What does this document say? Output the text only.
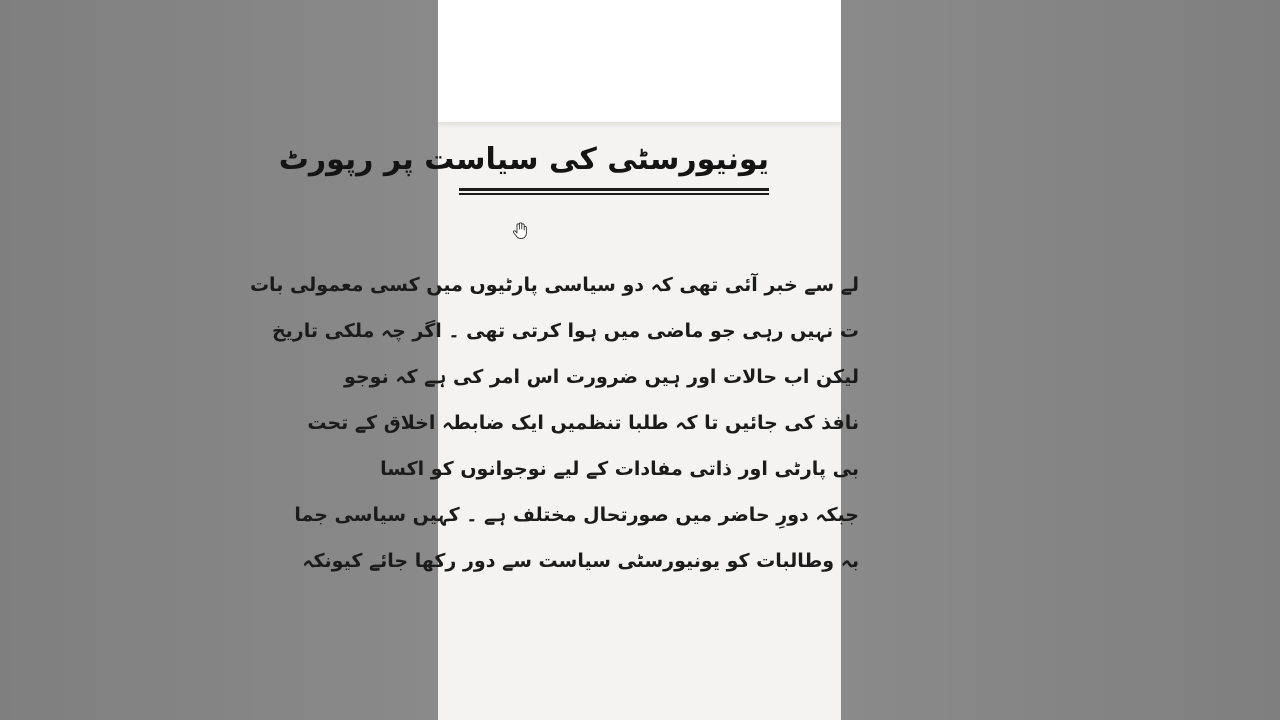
یونیورسٹی کی سیاست پر رپورٹ
لے سے خبر آئی تھی کہ دو سیاسی پارٹیوں میں کسی معمولی بات
ت نہیں رہی جو ماضی میں ہوا کرتی تھی ۔ اگر چہ ملکی تاریخ
لیکن اب حالات اور ہیں ضرورت اس امر کی ہے کہ نوجو
نافذ کی جائیں تا کہ طلبا تنظمیں ایک ضابطہ اخلاق کے تحت
بی پارٹی اور ذاتی مفادات کے لیے نوجوانوں کو اکسا
جبکہ دورِ حاضر میں صورتحال مختلف ہے ۔ کہیں سیاسی جما
بہ وطالبات کو یونیورسٹی سیاست سے دور رکھا جائے کیونکہ
